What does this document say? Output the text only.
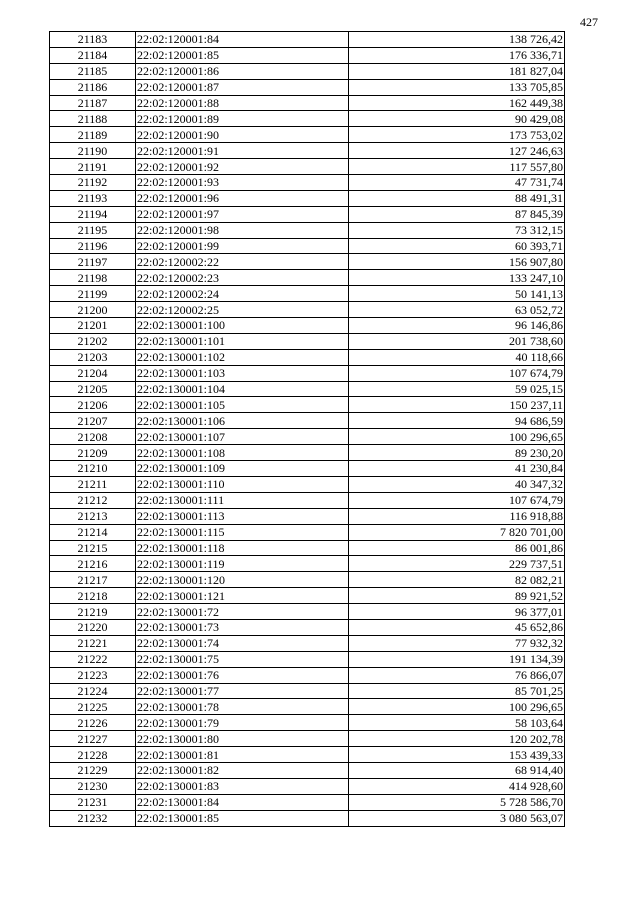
427
21183	22:02:120001:84	138 726,42
21184	22:02:120001:85	176 336,71
21185	22:02:120001:86	181 827,04
21186	22:02:120001:87	133 705,85
21187	22:02:120001:88	162 449,38
21188	22:02:120001:89	90 429,08
21189	22:02:120001:90	173 753,02
21190	22:02:120001:91	127 246,63
21191	22:02:120001:92	117 557,80
21192	22:02:120001:93	47 731,74
21193	22:02:120001:96	88 491,31
21194	22:02:120001:97	87 845,39
21195	22:02:120001:98	73 312,15
21196	22:02:120001:99	60 393,71
21197	22:02:120002:22	156 907,80
21198	22:02:120002:23	133 247,10
21199	22:02:120002:24	50 141,13
21200	22:02:120002:25	63 052,72
21201	22:02:130001:100	96 146,86
21202	22:02:130001:101	201 738,60
21203	22:02:130001:102	40 118,66
21204	22:02:130001:103	107 674,79
21205	22:02:130001:104	59 025,15
21206	22:02:130001:105	150 237,11
21207	22:02:130001:106	94 686,59
21208	22:02:130001:107	100 296,65
21209	22:02:130001:108	89 230,20
21210	22:02:130001:109	41 230,84
21211	22:02:130001:110	40 347,32
21212	22:02:130001:111	107 674,79
21213	22:02:130001:113	116 918,88
21214	22:02:130001:115	7 820 701,00
21215	22:02:130001:118	86 001,86
21216	22:02:130001:119	229 737,51
21217	22:02:130001:120	82 082,21
21218	22:02:130001:121	89 921,52
21219	22:02:130001:72	96 377,01
21220	22:02:130001:73	45 652,86
21221	22:02:130001:74	77 932,32
21222	22:02:130001:75	191 134,39
21223	22:02:130001:76	76 866,07
21224	22:02:130001:77	85 701,25
21225	22:02:130001:78	100 296,65
21226	22:02:130001:79	58 103,64
21227	22:02:130001:80	120 202,78
21228	22:02:130001:81	153 439,33
21229	22:02:130001:82	68 914,40
21230	22:02:130001:83	414 928,60
21231	22:02:130001:84	5 728 586,70
21232	22:02:130001:85	3 080 563,07
